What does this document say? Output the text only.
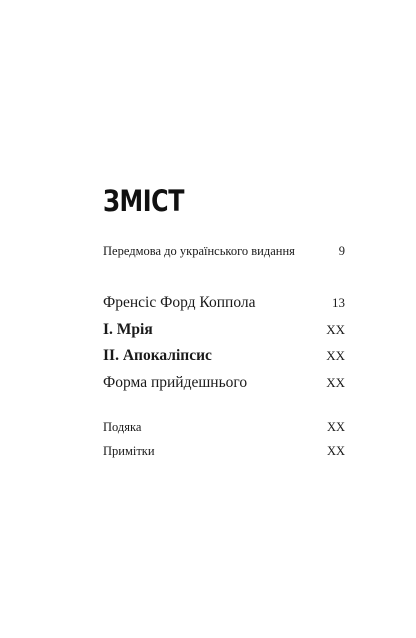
ЗМІСТ
Передмова до українського видання	9
Френсіс Форд Коппола	13
I. Мрія	XX
II. Апокаліпсис	XX
Форма прийдешнього	XX
Подяка	XX
Примітки	XX
